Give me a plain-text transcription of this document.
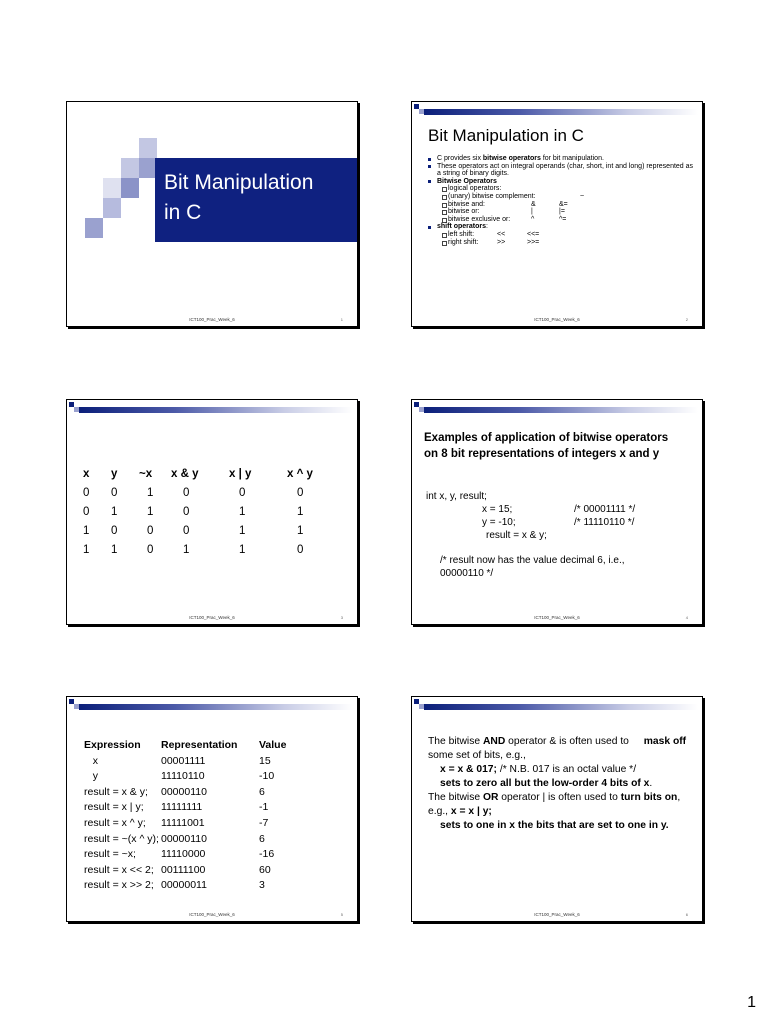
Bit Manipulation
in C
ICT100_Prac_Week_6	1
Bit Manipulation in C
C provides six bitwise operators for bit manipulation.
These operators act on integral operands (char, short, int and long) represented as a string of binary digits.
Bitwise Operators
logical operators:
(unary) bitwise complement:	~
bitwise and:	&	&=
bitwise or:	|	|=
bitwise exclusive or:	^	^=
shift operators:
left shift:	<<	<<=
right shift:	>>	>>=
ICT100_Prac_Week_6	2
x	y	~x	x & y	x | y	x ^ y
0	0	1	0	0	0
0	1	1	0	1	1
1	0	0	0	1	1
1	1	0	1	1	0
ICT100_Prac_Week_6	3
Examples of application of bitwise operators on 8 bit representations of integers x and y
int x, y, result;
x = 15;	/* 00001111 */
y = -10;	/* 11110110 */
result = x & y;
/* result now has the value decimal 6, i.e., 00000110 */
ICT100_Prac_Week_6	4
Expression Representation Value
x	00001111	15
y	11110110	-10
result = x & y; 00000110	6
result = x | y; 11111111	-1
result = x ^ y; 11111001	-7
result = ~(x ^ y); 00000110	6
result = ~x; 11110000	-16
result = x << 2; 00111100	60
result = x >> 2; 00000011	3
ICT100_Prac_Week_6	5
The bitwise AND operator & is often used to mask off some set of bits, e.g.,
x = x & 017; /* N.B. 017 is an octal value */
sets to zero all but the low-order 4 bits of x.
The bitwise OR operator | is often used to turn bits on, e.g., x = x | y;
sets to one in x the bits that are set to one in y.
ICT100_Prac_Week_6	6
1
